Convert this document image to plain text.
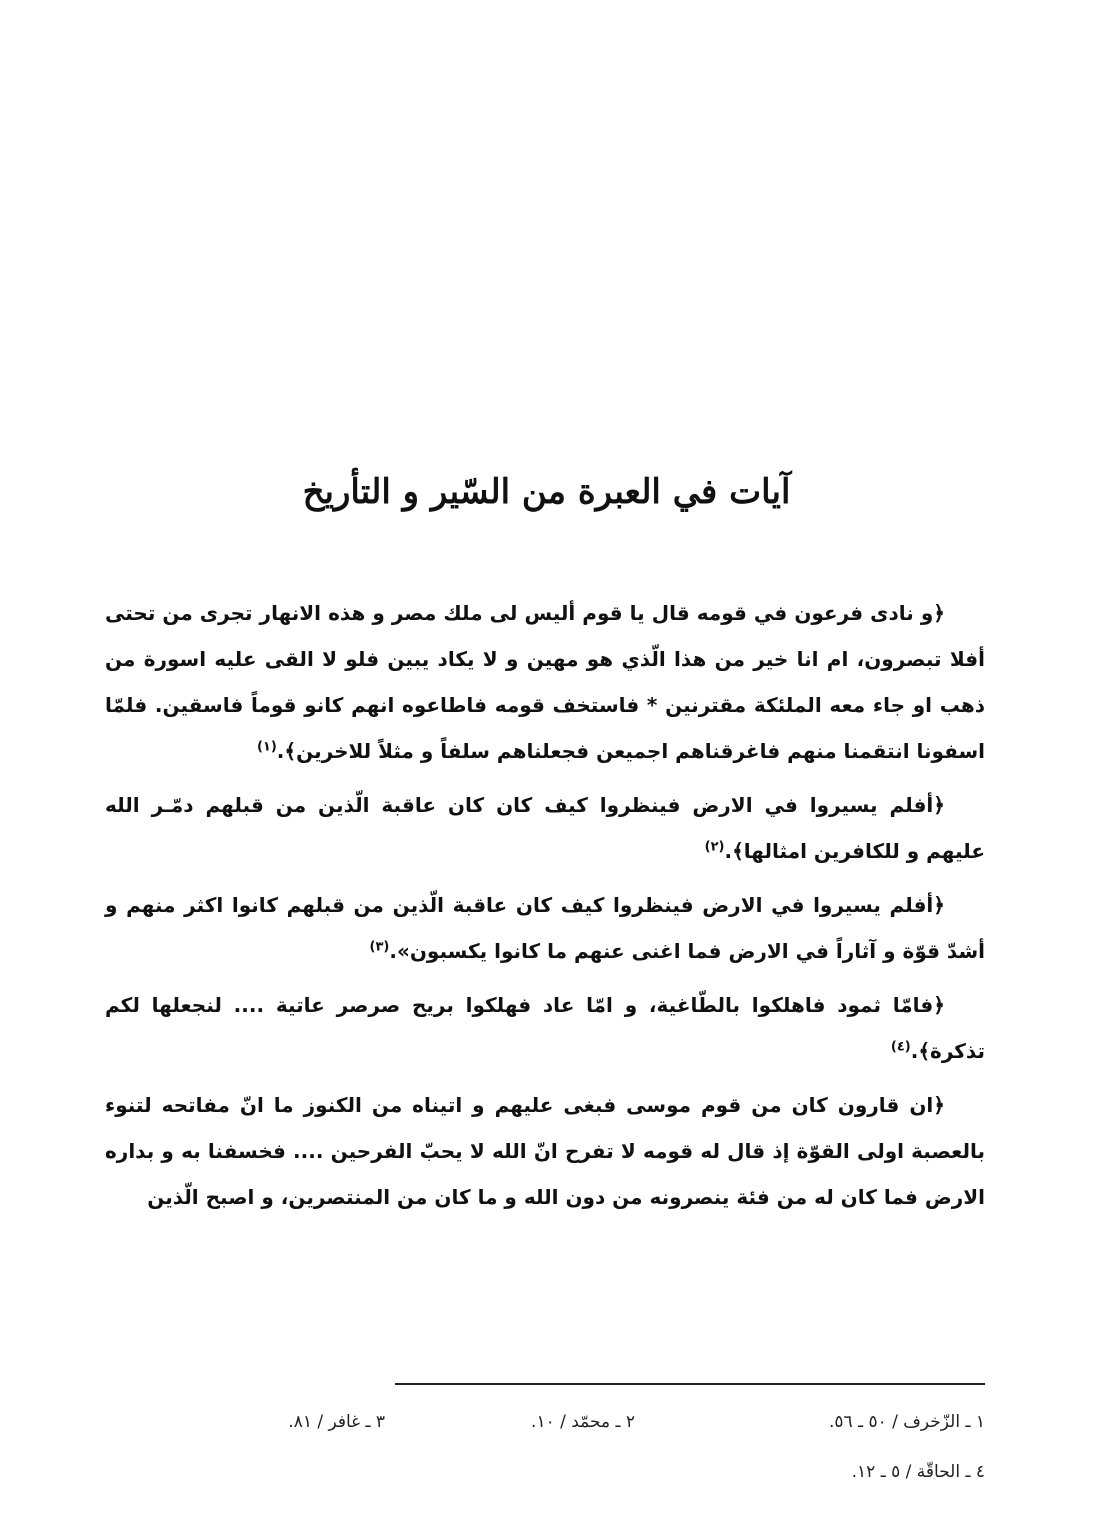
آيات في العبرة من السّير و التأريخ

﴿و نادى فرعون في قومه قال يا قوم أليس لى ملك مصر و هذه الانهار تجرى من تحتى أفلا تبصرون، ام انا خير من هذا الّذي هو مهين و لا يكاد يبين فلو لا القى عليه اسورة من ذهب او جاء معه الملئكة مقترنين * فاستخف قومه فاطاعوه انهم كانو قوماً فاسقين. فلمّا اسفونا انتقمنا منهم فاغرقناهم اجميعن فجعلناهم سلفاً و مثلاً للاخرين﴾.$^{(١)}$

﴿أفلم يسيروا في الارض فينظروا كيف كان كان عاقبة الّذين من قبلهم دمّـر الله عليهم و للكافرين امثالها﴾.$^{(٢)}$

﴿أفلم يسيروا في الارض فينظروا كيف كان عاقبة الّذين من قبلهم كانوا اكثر منهم و أشدّ قوّة و آثاراً في الارض فما اغنى عنهم ما كانوا يكسبون».$^{(٣)}$

﴿فامّا ثمود فاهلكوا بالطّاغية، و امّا عاد فهلكوا بريح صرصر عاتية .... لنجعلها لكم تذكرة﴾.$^{(٤)}$

﴿ان قارون كان من قوم موسى فبغى عليهم و اتيناه من الكنوز ما انّ مفاتحه لتنوء بالعصبة اولى القوّة إذ قال له قومه لا تفرح انّ الله لا يحبّ الفرحين .... فخسفنا به و بداره الارض فما كان له من فئة ينصرونه من دون الله و ما كان من المنتصرين، و اصبح الّذين

١ ـ الزّخرف / ٥٠ ـ ٥٦.
٢ ـ محمّد / ١٠.
٣ ـ غافر / ٨١.
٤ ـ الحاقّة / ٥ ـ ١٢.
